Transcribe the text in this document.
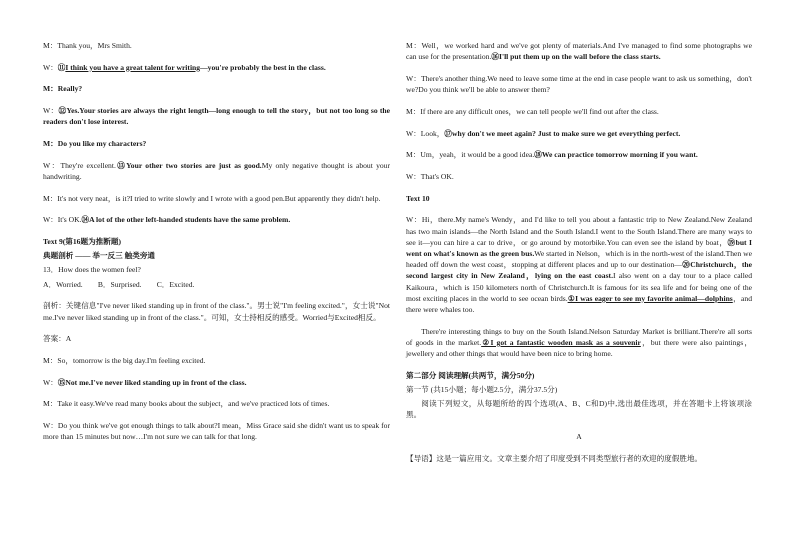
M：Thank you，Mrs Smith.

W：⑪I think you have a great talent for writing—you're probably the best in the class.

M：Really?

W：⑫Yes.Your stories are always the right length—long enough to tell the story，but not too long so the readers don't lose interest.

M：Do you like my characters?

W：They're excellent.⑬Your other two stories are just as good.My only negative thought is about your handwriting.

M：It's not very neat，is it?I tried to write slowly and I wrote with a good pen.But apparently they didn't help.

W：It's OK.⑭A lot of the other left-handed students have the same problem.

Text 9(第16题为推断题)

典题剖析 —— 举一反三 触类旁通

13．How does the women feel?

A．Worried.　　B．Surprised.　　C．Excited.

剖析：关键信息"I've never liked standing up in front of the class."。男士说"I'm feeling excited."，女士说"Not me.I've never liked standing up in front of the class."。可知，女士持相反的感受。Worried与Excited相反。

答案：A

M：So，tomorrow is the big day.I'm feeling excited.

W：⑮Not me.I've never liked standing up in front of the class.

M：Take it easy.We've read many books about the subject，and we've practiced lots of times.

W：Do you think we've got enough things to talk about?I mean，Miss Grace said she didn't want us to speak for more than 15 minutes but now…I'm not sure we can talk for that long.

M：Well，we worked hard and we've got plenty of materials.And I've managed to find some photographs we can use for the presentation.⑯I'll put them up on the wall before the class starts.

W：There's another thing.We need to leave some time at the end in case people want to ask us something，don't we?Do you think we'll be able to answer them?

M：If there are any difficult ones，we can tell people we'll find out after the class.

W：Look，⑰why don't we meet again? Just to make sure we get everything perfect.

M：Um，yeah，it would be a good idea.⑱We can practice tomorrow morning if you want.

W：That's OK.

Text 10

W：Hi，there.My name's Wendy，and I'd like to tell you about a fantastic trip to New Zealand.New Zealand has two main islands—the North Island and the South Island.I went to the South Island.There are many ways to see it—you can hire a car to drive，or go around by motorbike.You can even see the island by boat，⑲but I went on what's known as the green bus.We started in Nelson，which is in the north-west of the island.Then we headed off down the west coast，stopping at different places and up to our destination—⑳Christchurch，the second largest city in New Zealand，lying on the east coast.I also went on a day tour to a place called Kaikoura，which is 150 kilometers north of Christchurch.It is famous for its sea life and for being one of the most exciting places in the world to see ocean birds.①I was eager to see my favorite animal—dolphins，and there were whales too.

There're interesting things to buy on the South Island.Nelson Saturday Market is brilliant.There're all sorts of goods in the market.②I got a fantastic wooden mask as a souvenir，but there were also paintings，jewellery and other things that would have been nice to bring home.

第二部分 阅读理解(共两节，满分50分)

第一节 (共15小题；每小题2.5分，满分37.5分)

阅读下列短文，从每题所给的四个选项(A、B、C和D)中,选出最佳选项，并在答题卡上将该项涂黑。

A

【导语】这是一篇应用文。文章主要介绍了印度受到不同类型旅行者的欢迎的度假胜地。
